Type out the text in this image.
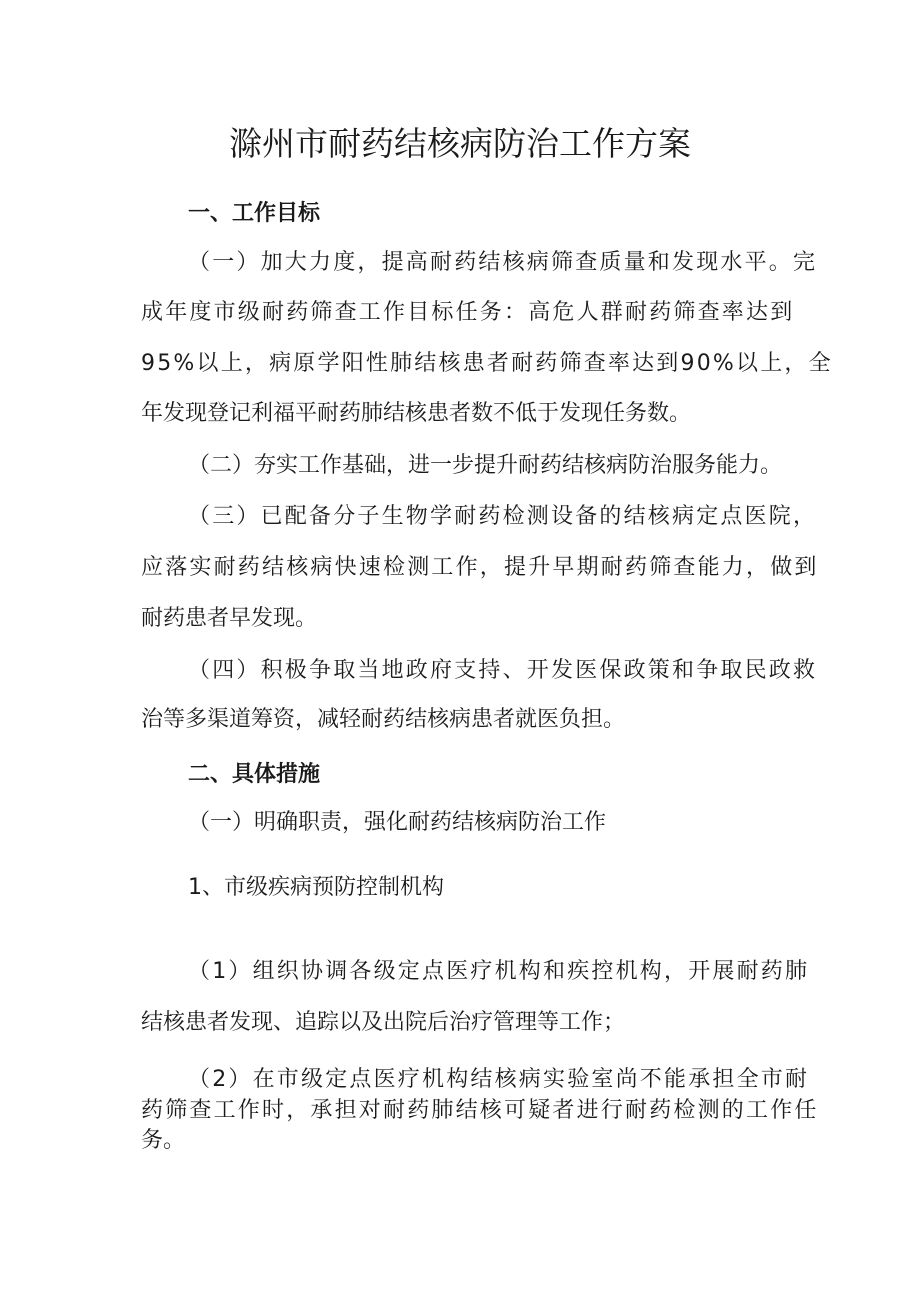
滁州市耐药结核病防治工作方案
一、工作目标

（一）加大力度，提高耐药结核病筛查质量和发现水平。完

成年度市级耐药筛查工作目标任务：高危人群耐药筛查率达到

95%以上，病原学阳性肺结核患者耐药筛查率达到90%以上，全

年发现登记利福平耐药肺结核患者数不低于发现任务数。

（二）夯实工作基础，进一步提升耐药结核病防治服务能力。

（三）已配备分子生物学耐药检测设备的结核病定点医院，

应落实耐药结核病快速检测工作，提升早期耐药筛查能力，做到

耐药患者早发现。

（四）积极争取当地政府支持、开发医保政策和争取民政救

治等多渠道筹资，减轻耐药结核病患者就医负担。

二、具体措施

（一）明确职责，强化耐药结核病防治工作

1、市级疾病预防控制机构

（1）组织协调各级定点医疗机构和疾控机构，开展耐药肺

结核患者发现、追踪以及出院后治疗管理等工作；

（2）在市级定点医疗机构结核病实验室尚不能承担全市耐

药筛查工作时，承担对耐药肺结核可疑者进行耐药检测的工作任

务。
